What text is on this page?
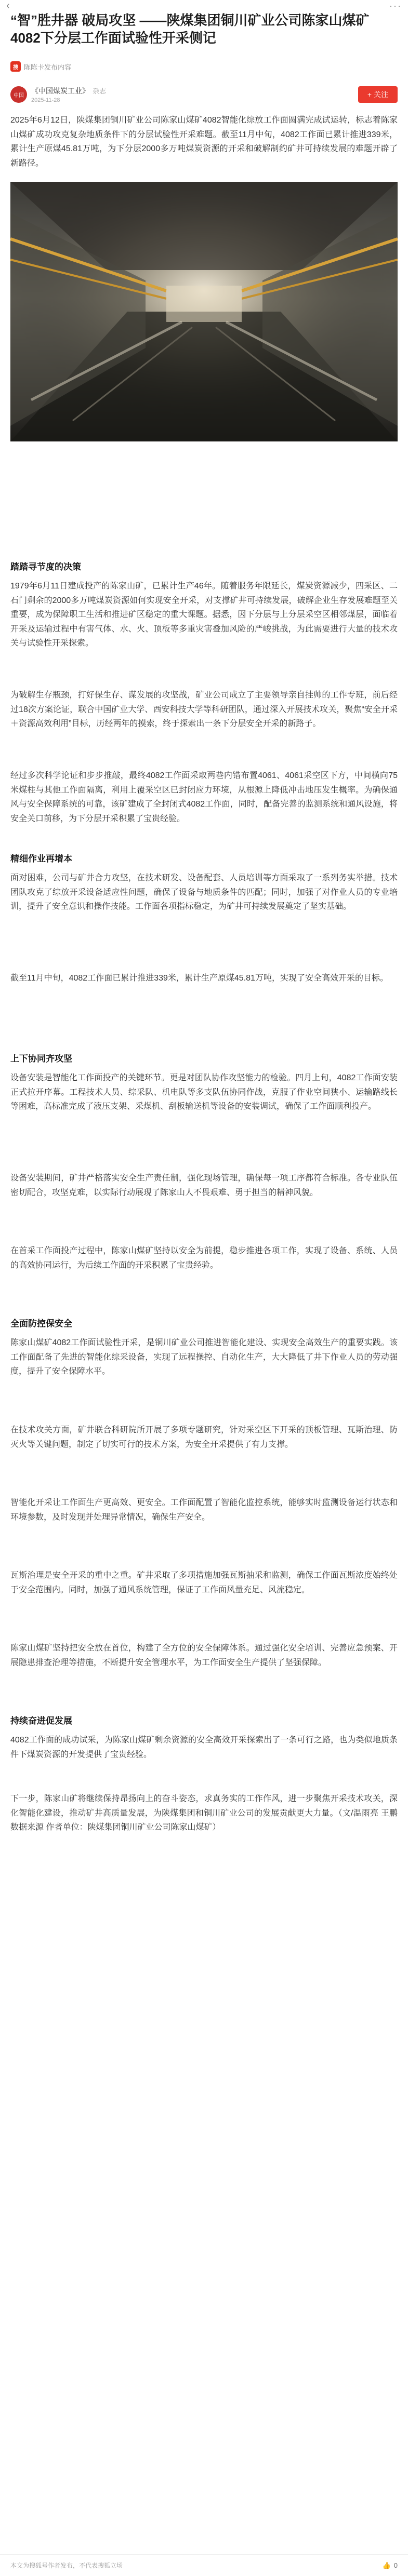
‹	···
“智”胜井器 破局攻坚 ——陕煤集团铜川矿业公司陈家山煤矿4082下分层工作面试验性开采侧记
搜 陈陈卡发布内容
中国
《中国煤炭工业》 杂志
2025-11-28
+ 关注
2025年6月12日，陕煤集团铜川矿业公司陈家山煤矿4082智能化综放工作面圆满完成试运转，标志着陈家山煤矿成功攻克复杂地质条件下的分层试验性开采难题。截至11月中旬，4082工作面已累计推进339米，累计生产原煤45.81万吨，为下分层2000多万吨煤炭资源的开采和破解制约矿井可持续发展的难题开辟了新路径。
踏踏寻节度的决策
1979年6月11日建成投产的陈家山矿，已累计生产46年。随着服务年限延长，煤炭资源减少，四采区、二石门剩余的2000多万吨煤炭资源如何实现安全开采，对支撑矿井可持续发展，破解企业生存发展难题至关重要，成为保障职工生活和推进矿区稳定的重大课题。据悉，因下分层与上分层采空区相邻煤层，面临着开采及运输过程中有害气体、水、火、顶板等多重灾害叠加风险的严峻挑战，为此需要进行大量的技术攻关与试验性开采探索。
为破解生存瓶颈，打好保生存、谋发展的攻坚战，矿业公司成立了主要领导亲自挂帅的工作专班，前后经过18次方案论证，联合中国矿业大学、西安科技大学等科研团队，通过深入开展技术攻关，聚焦“安全开采＋资源高效利用”目标，历经两年的摸索，终于探索出一条下分层安全开采的新路子。
经过多次科学论证和步步推敲，最终4082工作面采取两巷内错布置4061、4061采空区下方，中间横向75米煤柱与其他工作面隔离，利用上覆采空区已封闭应力环境，从根源上降低冲击地压发生概率。为确保通风与安全保障系统的可靠，该矿建成了全封闭式4082工作面，同时，配备完善的监测系统和通风设施，将安全关口前移，为下分层开采积累了宝贵经验。
精细作业再增本
面对困难，公司与矿井合力攻坚，在技术研发、设备配套、人员培训等方面采取了一系列务实举措。技术团队攻克了综放开采设备适应性问题，确保了设备与地质条件的匹配；同时，加强了对作业人员的专业培训，提升了安全意识和操作技能。工作面各项指标稳定，为矿井可持续发展奠定了坚实基础。
截至11月中旬，4082工作面已累计推进339米，累计生产原煤45.81万吨，实现了安全高效开采的目标。
上下协同齐攻坚
设备安装是智能化工作面投产的关键环节。更是对团队协作攻坚能力的检验。四月上旬，4082工作面安装正式拉开序幕。工程技术人员、综采队、机电队等多支队伍协同作战，克服了作业空间狭小、运输路线长等困难，高标准完成了液压支架、采煤机、刮板输送机等设备的安装调试，确保了工作面顺利投产。
设备安装期间，矿井严格落实安全生产责任制，强化现场管理，确保每一项工序都符合标准。各专业队伍密切配合，攻坚克难，以实际行动展现了陈家山人不畏艰难、勇于担当的精神风貌。
在首采工作面投产过程中，陈家山煤矿坚持以安全为前提，稳步推进各项工作，实现了设备、系统、人员的高效协同运行，为后续工作面的开采积累了宝贵经验。
全面防控保安全
陈家山煤矿4082工作面试验性开采，是铜川矿业公司推进智能化建设、实现安全高效生产的重要实践。该工作面配备了先进的智能化综采设备，实现了远程操控、自动化生产，大大降低了井下作业人员的劳动强度，提升了安全保障水平。
在技术攻关方面，矿井联合科研院所开展了多项专题研究，针对采空区下开采的顶板管理、瓦斯治理、防灭火等关键问题，制定了切实可行的技术方案，为安全开采提供了有力支撑。
智能化开采让工作面生产更高效、更安全。工作面配置了智能化监控系统，能够实时监测设备运行状态和环境参数，及时发现并处理异常情况，确保生产安全。
瓦斯治理是安全开采的重中之重。矿井采取了多项措施加强瓦斯抽采和监测，确保工作面瓦斯浓度始终处于安全范围内。同时，加强了通风系统管理，保证了工作面风量充足、风流稳定。
陈家山煤矿坚持把安全放在首位，构建了全方位的安全保障体系。通过强化安全培训、完善应急预案、开展隐患排查治理等措施，不断提升安全管理水平，为工作面安全生产提供了坚强保障。
持续奋进促发展
4082工作面的成功试采，为陈家山煤矿剩余资源的安全高效开采探索出了一条可行之路，也为类似地质条件下煤炭资源的开发提供了宝贵经验。
下一步，陈家山矿将继续保持昂扬向上的奋斗姿态，求真务实的工作作风，进一步聚焦开采技术攻关，深化智能化建设，推动矿井高质量发展，为陕煤集团和铜川矿业公司的发展贡献更大力量。（文/温雨亮 王鹏 数据来源 作者单位：陕煤集团铜川矿业公司陈家山煤矿）
本文为搜狐号作者发布，不代表搜狐立场	👍 0
